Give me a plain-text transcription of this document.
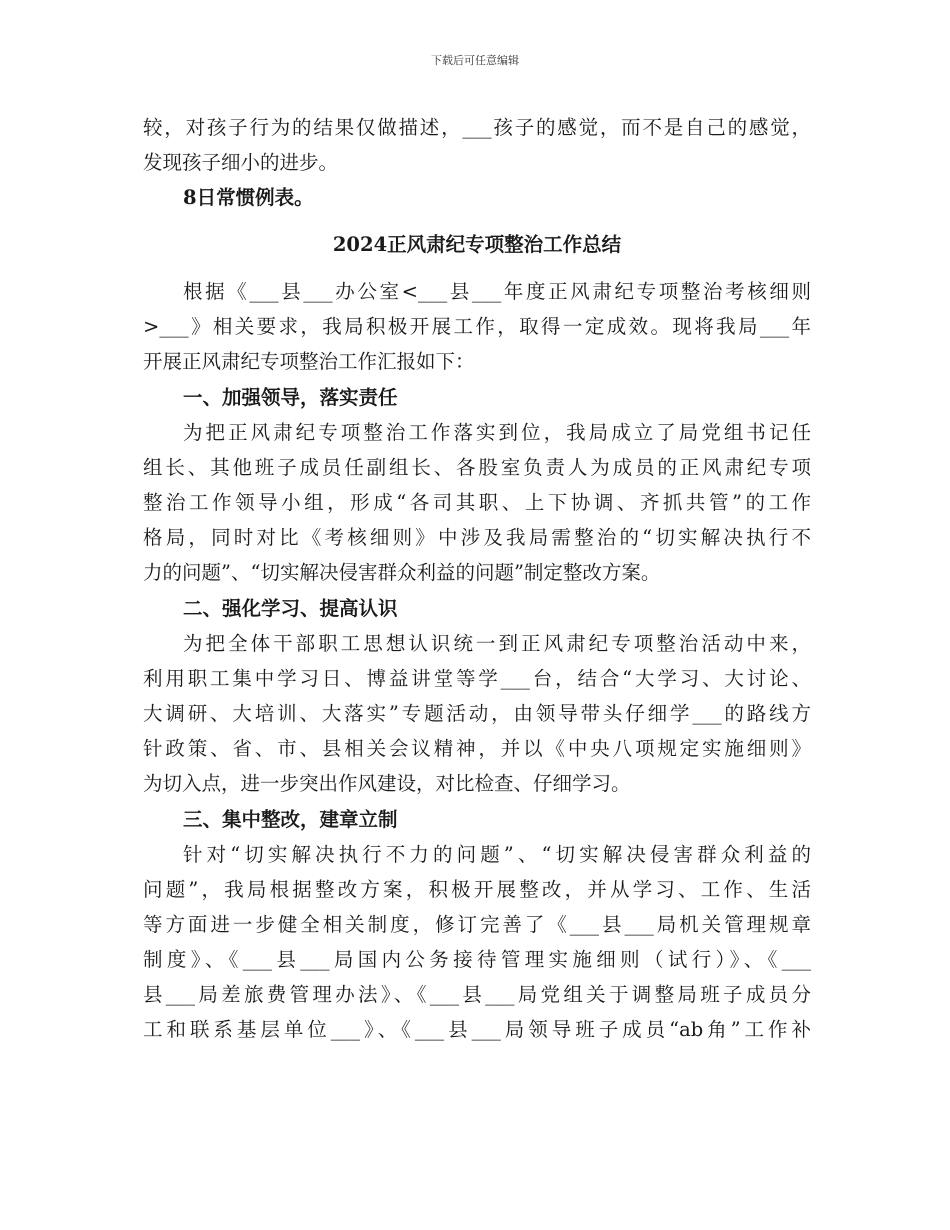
下载后可任意编辑
较，对孩子行为的结果仅做描述，___孩子的感觉，而不是自己的感觉，
发现孩子细小的进步。
8日常惯例表。
2024正风肃纪专项整治工作总结
根据《___县___办公室<___县___年度正风肃纪专项整治考核细则
>___》相关要求，我局积极开展工作，取得一定成效。现将我局___年
开展正风肃纪专项整治工作汇报如下：
一、加强领导，落实责任
为把正风肃纪专项整治工作落实到位，我局成立了局党组书记任
组长、其他班子成员任副组长、各股室负责人为成员的正风肃纪专项
整治工作领导小组，形成“各司其职、上下协调、齐抓共管”的工作
格局，同时对比《考核细则》中涉及我局需整治的“切实解决执行不
力的问题”、“切实解决侵害群众利益的问题”制定整改方案。
二、强化学习、提高认识
为把全体干部职工思想认识统一到正风肃纪专项整治活动中来，
利用职工集中学习日、博益讲堂等学___台，结合“大学习、大讨论、
大调研、大培训、大落实”专题活动，由领导带头仔细学___的路线方
针政策、省、市、县相关会议精神，并以《中央八项规定实施细则》
为切入点，进一步突出作风建设，对比检查、仔细学习。
三、集中整改，建章立制
针对“切实解决执行不力的问题”、“切实解决侵害群众利益的
问题”，我局根据整改方案，积极开展整改，并从学习、工作、生活
等方面进一步健全相关制度，修订完善了《___县___局机关管理规章
制度》、《___县___局国内公务接待管理实施细则（试行）》、《___
县___局差旅费管理办法》、《___县___局党组关于调整局班子成员分
工和联系基层单位___》、《___县___局领导班子成员“ab角”工作补
